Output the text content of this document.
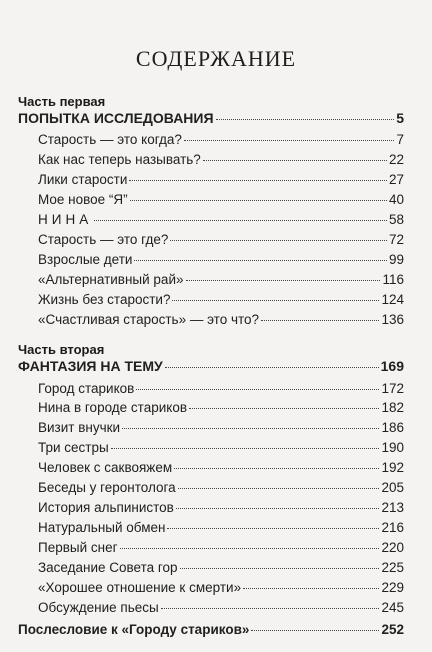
СОДЕРЖАНИЕ
Часть первая
ПОПЫТКА ИССЛЕДОВАНИЯ	5
Старость — это когда?	7
Как нас теперь называть?	22
Лики старости	27
Мое новое “Я”	40
НИНА	58
Старость — это где?	72
Взрослые дети	99
«Альтернативный рай»	116
Жизнь без старости?	124
«Счастливая старость» — это что?	136
Часть вторая
ФАНТАЗИЯ НА ТЕМУ	169
Город стариков	172
Нина в городе стариков	182
Визит внучки	186
Три сестры	190
Человек с саквояжем	192
Беседы у геронтолога	205
История альпинистов	213
Натуральный обмен	216
Первый снег	220
Заседание Совета гор	225
«Хорошее отношение к смерти»	229
Обсуждение пьесы	245
Послесловие к «Городу стариков»	252
